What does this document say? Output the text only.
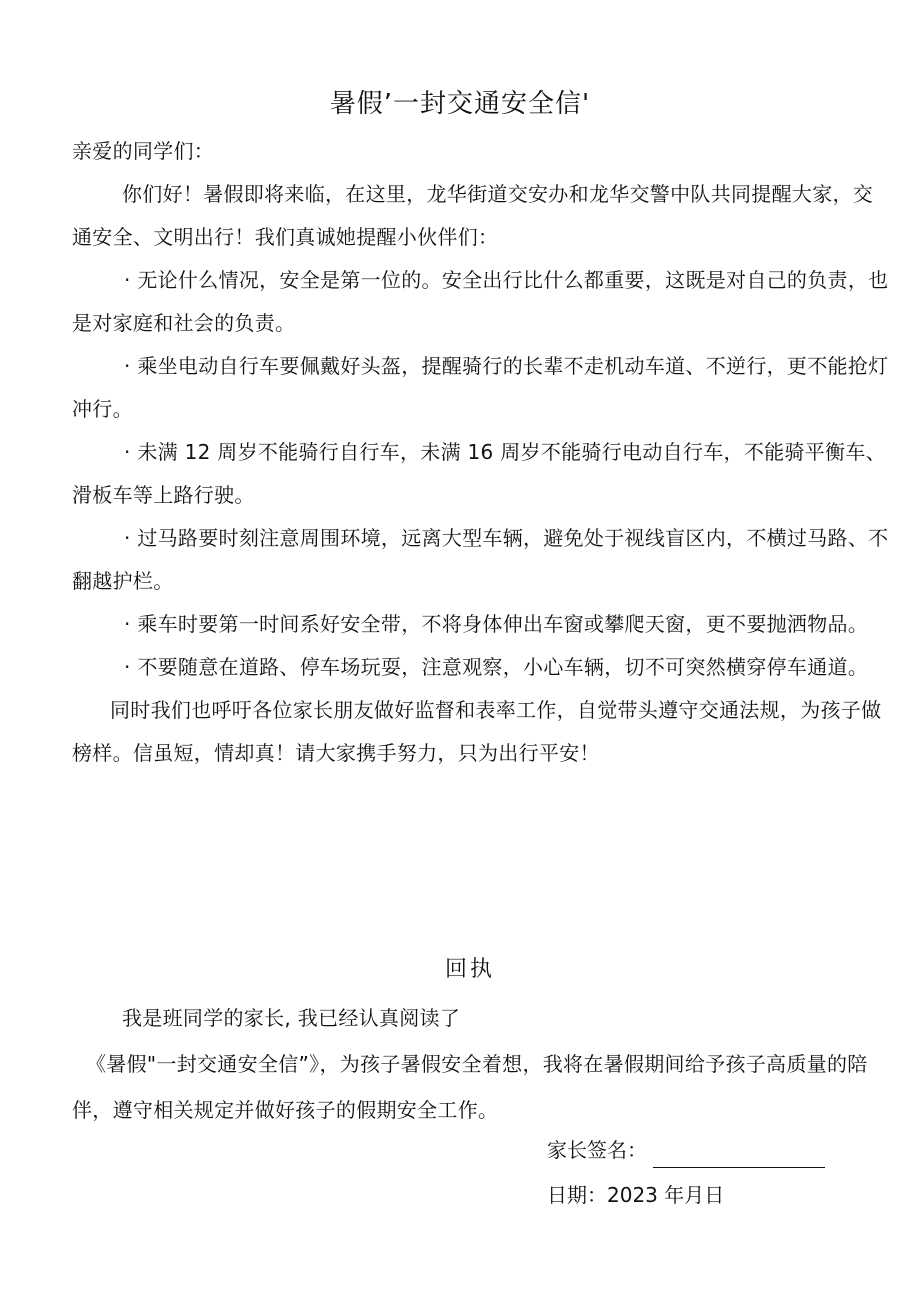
暑假’一封交通安全信'
亲爱的同学们：

你们好！暑假即将来临，在这里，龙华街道交安办和龙华交警中队共同提醒大家，交通安全、文明出行！我们真诚她提醒小伙伴们：

· 无论什么情况，安全是第一位的。安全出行比什么都重要，这既是对自己的负责，也是对家庭和社会的负责。

· 乘坐电动自行车要佩戴好头盔，提醒骑行的长辈不走机动车道、不逆行，更不能抢灯冲行。

· 未满 12 周岁不能骑行自行车，未满 16 周岁不能骑行电动自行车，不能骑平衡车、滑板车等上路行驶。

· 过马路要时刻注意周围环境，远离大型车辆，避免处于视线盲区内，不横过马路、不翻越护栏。

· 乘车时要第一时间系好安全带，不将身体伸出车窗或攀爬天窗，更不要抛洒物品。

· 不要随意在道路、停车场玩耍，注意观察，小心车辆，切不可突然横穿停车通道。

同时我们也呼吁各位家长朋友做好监督和表率工作，自觉带头遵守交通法规，为孩子做榜样。信虽短，情却真！请大家携手努力，只为出行平安！

回执

我是班同学的家长, 我已经认真阅读了

《暑假"一封交通安全信”》，为孩子暑假安全着想，我将在暑假期间给予孩子高质量的陪伴，遵守相关规定并做好孩子的假期安全工作。

家长签名：
日期：2023 年月日
